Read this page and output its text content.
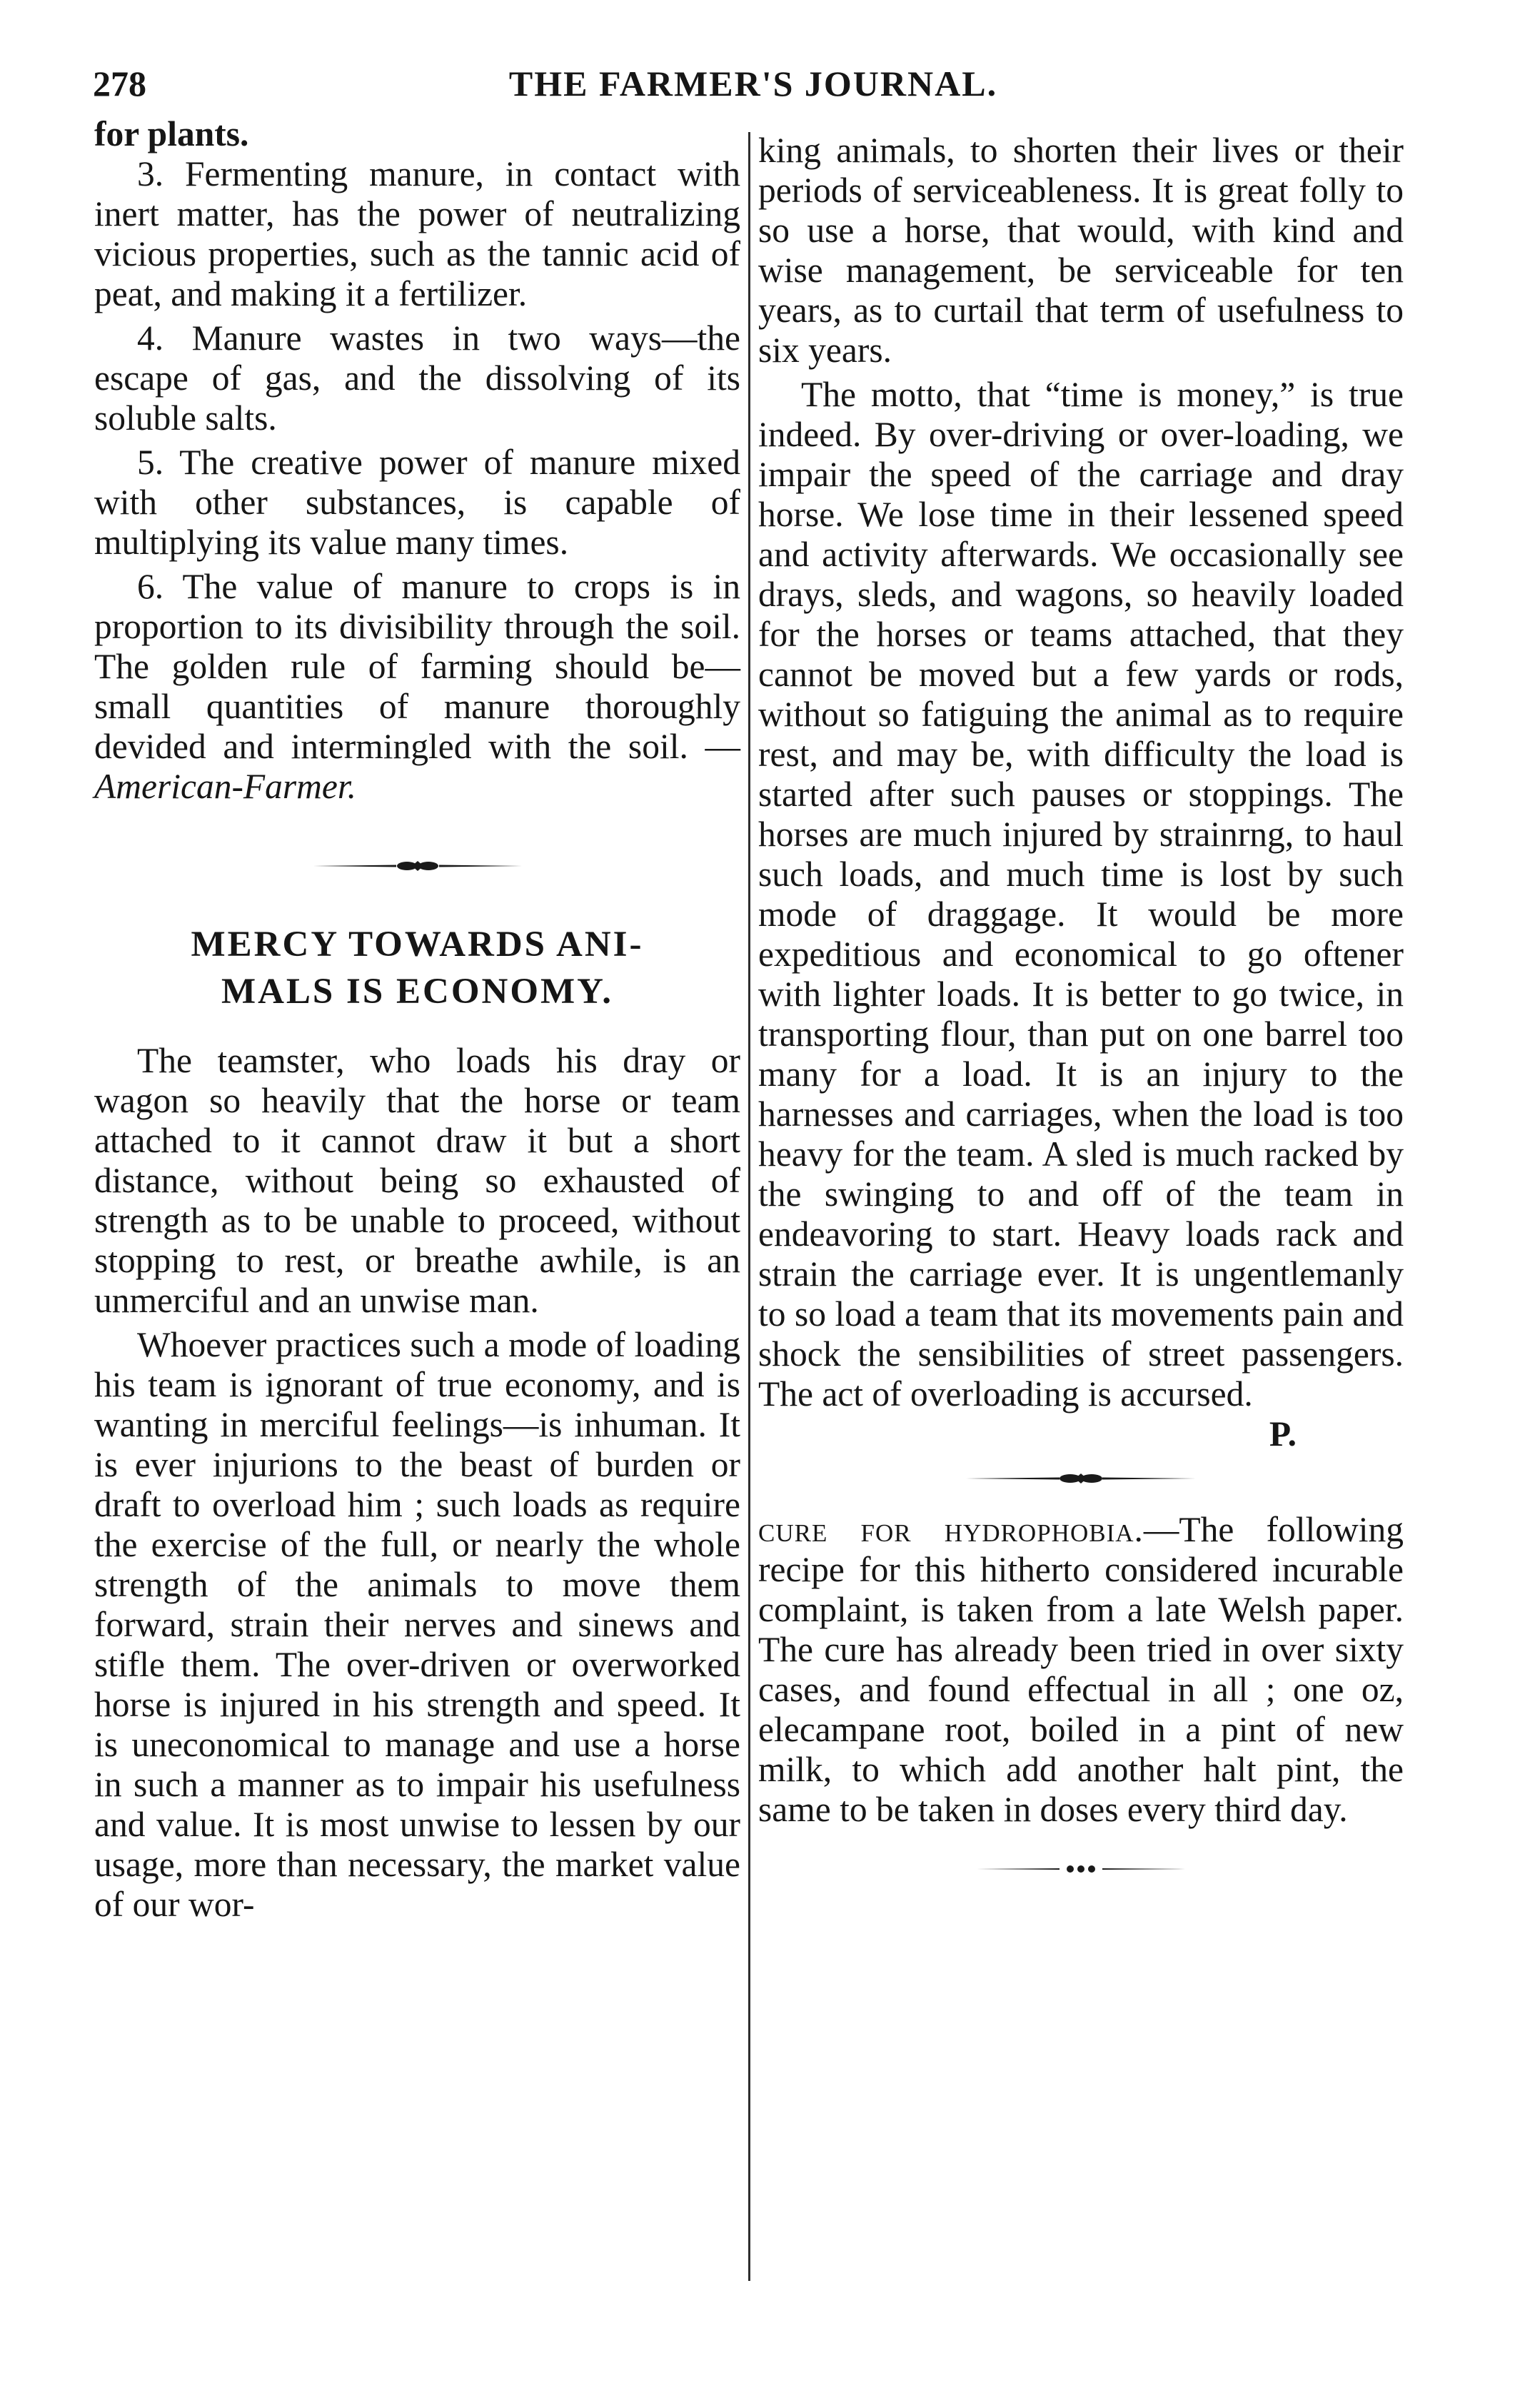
278	THE FARMER'S JOURNAL.

for plants.

3. Fermenting manure, in contact with inert matter, has the power of neutralizing vicious properties, such as the tannic acid of peat, and making it a fertilizer.

4. Manure wastes in two ways—the escape of gas, and the dissolving of its soluble salts.

5. The creative power of manure mixed with other substances, is capable of multiplying its value many times.

6. The value of manure to crops is in proportion to its divisibility through the soil. The golden rule of farming should be— small quantities of manure thoroughly devided and intermingled with the soil. — American-Farmer.

MERCY TOWARDS ANI-

MALS IS ECONOMY.

The teamster, who loads his dray or wagon so heavily that the horse or team attached to it cannot draw it but a short distance, without being so exhausted of strength as to be unable to proceed, without stopping to rest, or breathe awhile, is an unmerciful and an unwise man.

Whoever practices such a mode of loading his team is ignorant of true economy, and is wanting in merciful feelings—is inhuman. It is ever injurions to the beast of burden or draft to overload him ; such loads as require the exercise of the full, or nearly the whole strength of the animals to move them forward, strain their nerves and sinews and stifle them. The over-driven or overworked horse is injured in his strength and speed. It is uneconomical to manage and use a horse in such a manner as to impair his usefulness and value. It is most unwise to lessen by our usage, more than necessary, the market value of our wor-

king animals, to shorten their lives or their periods of serviceableness. It is great folly to so use a horse, that would, with kind and wise management, be serviceable for ten years, as to curtail that term of usefulness to six years.

The motto, that “time is money,” is true indeed. By over-driving or over-loading, we impair the speed of the carriage and dray horse. We lose time in their lessened speed and activity afterwards. We occasionally see drays, sleds, and wagons, so heavily loaded for the horses or teams attached, that they cannot be moved but a few yards or rods, without so fatiguing the animal as to require rest, and may be, with difficulty the load is started after such pauses or stoppings. The horses are much injured by strainrng, to haul such loads, and much time is lost by such mode of draggage. It would be more expeditious and economical to go oftener with lighter loads. It is better to go twice, in transporting flour, than put on one barrel too many for a load. It is an injury to the harnesses and carriages, when the load is too heavy for the team. A sled is much racked by the swinging to and off of the team in endeavoring to start. Heavy loads rack and strain the carriage ever. It is ungentlemanly to so load a team that its movements pain and shock the sensibilities of street passengers. The act of overloading is accursed.

P.

cure for hydrophobia.—The following recipe for this hitherto considered incurable complaint, is taken from a late Welsh paper. The cure has already been tried in over sixty cases, and found effectual in all ; one oz, elecampane root, boiled in a pint of new milk, to which add another halt pint, the same to be taken in doses every third day.
